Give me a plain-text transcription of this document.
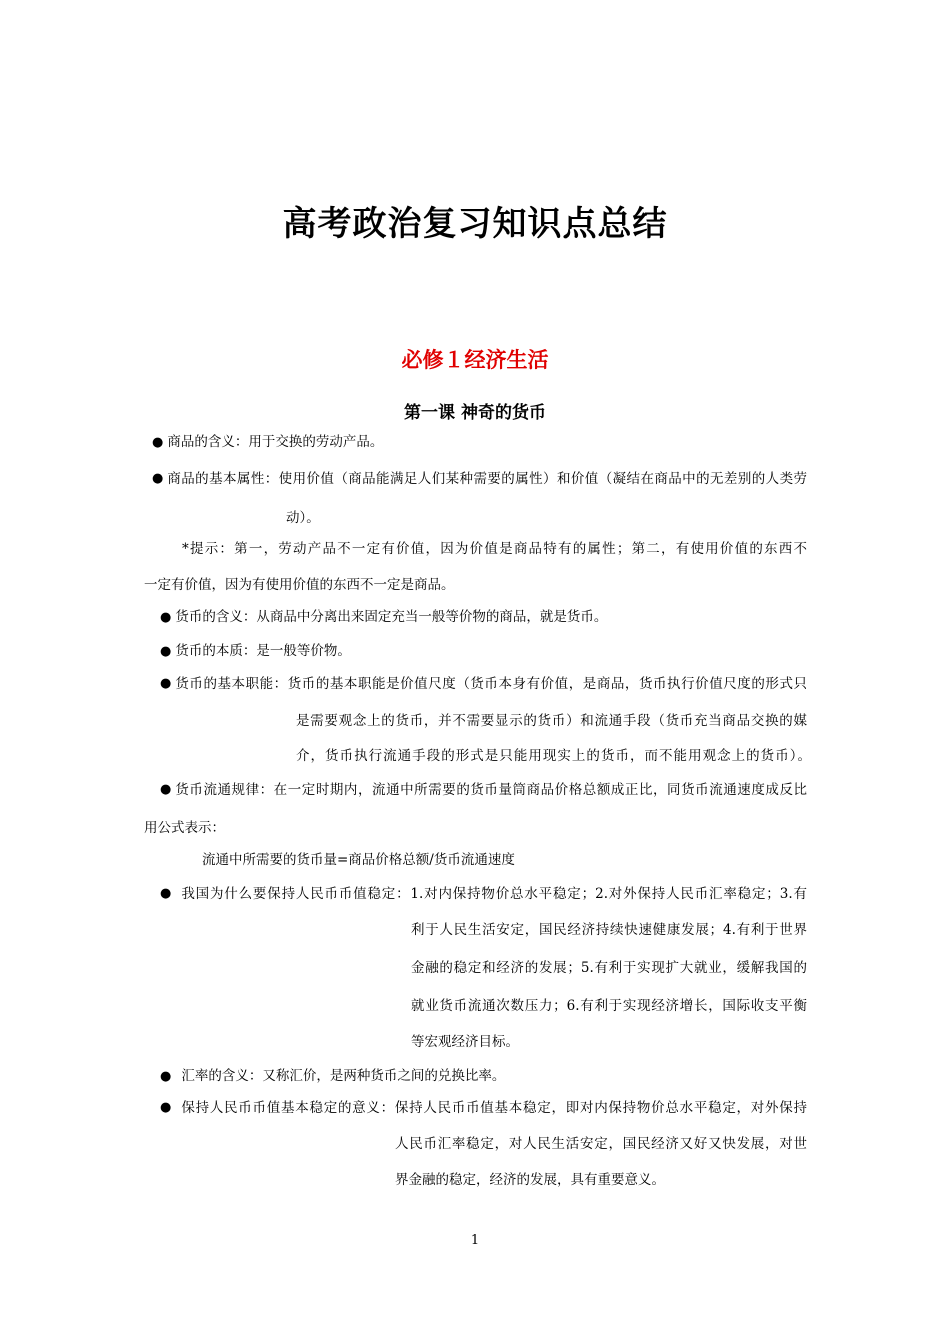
高考政治复习知识点总结
必修１经济生活
第一课 神奇的货币
● 商品的含义：用于交换的劳动产品。
● 商品的基本属性：使用价值（商品能满足人们某种需要的属性）和价值（凝结在商品中的无差别的人类劳
动）。
*提示：第一，劳动产品不一定有价值，因为价值是商品特有的属性；第二，有使用价值的东西不
一定有价值，因为有使用价值的东西不一定是商品。
● 货币的含义：从商品中分离出来固定充当一般等价物的商品，就是货币。
● 货币的本质：是一般等价物。
● 货币的基本职能：货币的基本职能是价值尺度（货币本身有价值，是商品，货币执行价值尺度的形式只
是需要观念上的货币，并不需要显示的货币）和流通手段（货币充当商品交换的媒
介，货币执行流通手段的形式是只能用现实上的货币，而不能用观念上的货币）。
● 货币流通规律：在一定时期内，流通中所需要的货币量筒商品价格总额成正比，同货币流通速度成反比
用公式表示：
流通中所需要的货币量=商品价格总额/货币流通速度
● 我国为什么要保持人民币币值稳定：1.对内保持物价总水平稳定；2.对外保持人民币汇率稳定；3.有
利于人民生活安定，国民经济持续快速健康发展；4.有利于世界
金融的稳定和经济的发展；5.有利于实现扩大就业，缓解我国的
就业货币流通次数压力；6.有利于实现经济增长，国际收支平衡
等宏观经济目标。
● 汇率的含义：又称汇价，是两种货币之间的兑换比率。
● 保持人民币币值基本稳定的意义：保持人民币币值基本稳定，即对内保持物价总水平稳定，对外保持
人民币汇率稳定，对人民生活安定，国民经济又好又快发展，对世
界金融的稳定，经济的发展，具有重要意义。
1
